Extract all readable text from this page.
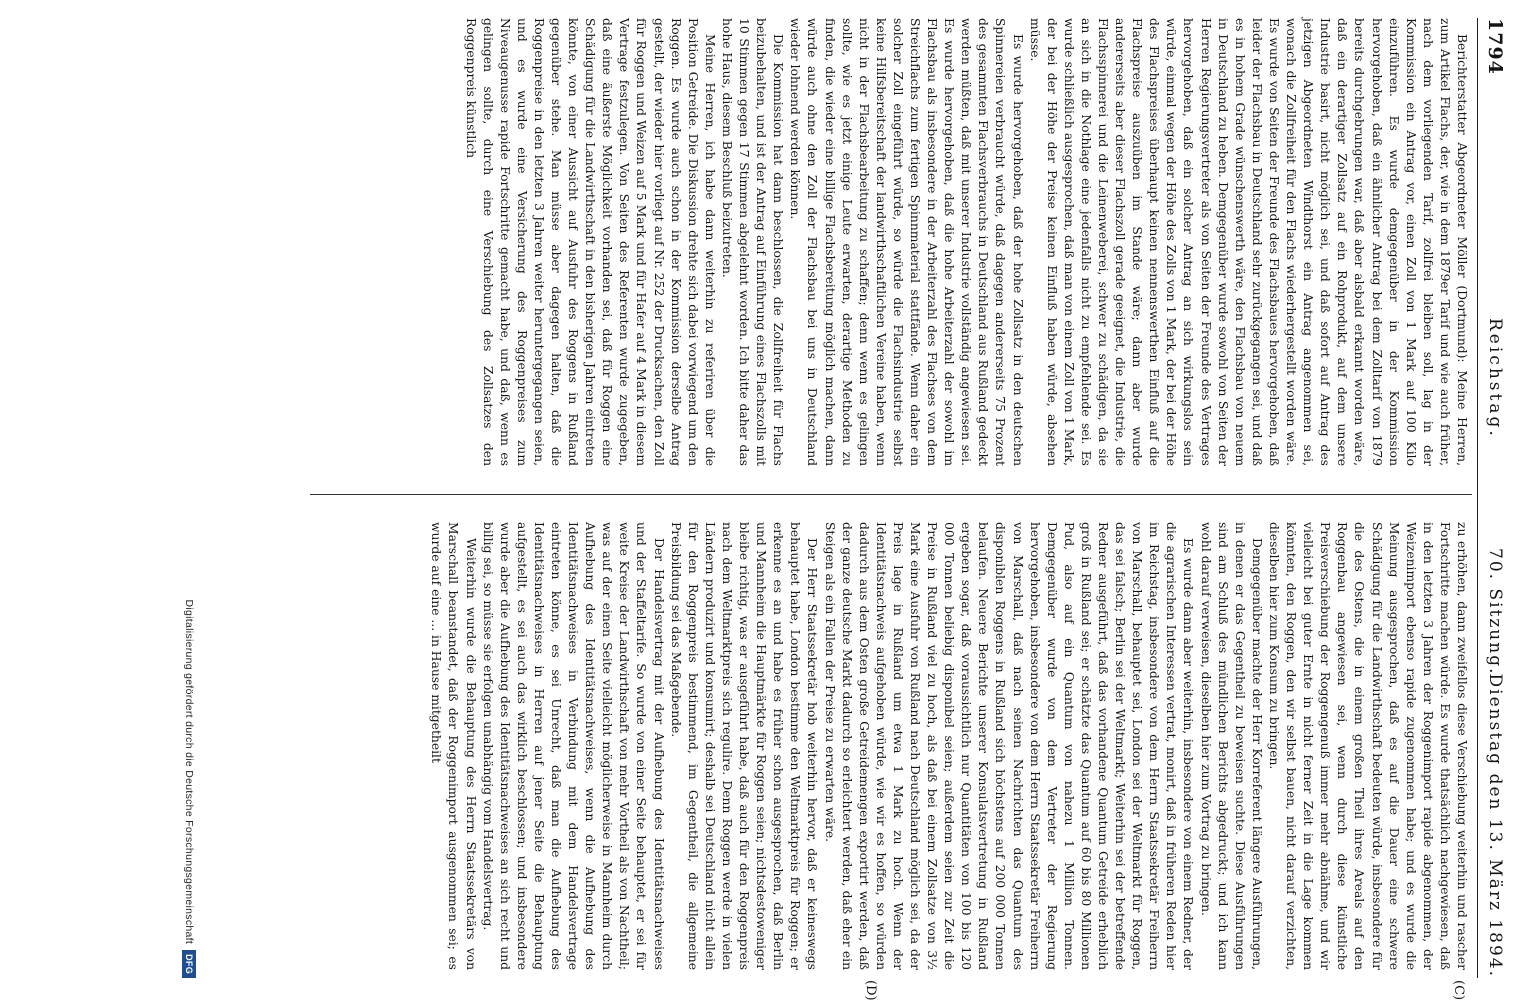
1794
Reichstag.
70. Sitzung.
Dienstag den 13. März 1894.
(C)
(D)

Berichterstatter Abgeordneter Möller (Dortmund): Meine Herren, zum Artikel Flachs, der, wie in dem 1879er Tarif und wie auch früher, nach dem vorliegenden Tarif, zollfrei bleiben soll, lag in der Kommission ein Antrag vor, einen Zoll von 1 Mark auf 100 Kilo einzuführen. Es wurde demgegenüber in der Kommission hervorgehoben, daß ein ähnlicher Antrag bei dem Zolltarif von 1879 bereits durchgebrungen war, daß aber alsbald erkannt worden wäre, daß ein derartiger Zollsatz auf ein Rohprodukt, auf dem unsere Industrie basirt, nicht möglich sei, und daß sofort auf Antrag des jetzigen Abgeordneten Windthorst ein Antrag angenommen sei, wonach die Zollfreiheit für den Flachs wiederhergestellt worden wäre. Es wurde von Seiten der Freunde des Flachsbaues hervorgehoben, daß leider der Flachsbau in Deutschland sehr zurückgegangen sei, und daß es in hohem Grade wünschenswerth wäre, den Flachsbau von neuem in Deutschland zu heben. Demgegenüber wurde sowohl von Seiten der Herren Regierungsvertreter als von Seiten der Freunde des Vertrages hervorgehoben, daß ein solcher Antrag an sich wirkungslos sein würde, einmal wegen der Höhe des Zolls von 1 Mark, der bei der Höhe des Flachspreises überhaupt keinen nennenswerthen Einfluß auf die Flachspreise auszuüben im Stande wäre; dann aber wurde andererseits aber dieser Flachszoll gerade geeignet, die Industrie, die Flachsspinnerei und die Leinenweberei, schwer zu schädigen, da sie an sich in die Nothlage eine jedenfalls nicht zu empfehlende sei. Es wurde schließlich ausgesprochen, daß man von einem Zoll von 1 Mark, der bei der Höhe der Preise keinen Einfluß haben würde, absehen müsse.

Es wurde hervorgehoben, daß der hohe Zollsatz in den deutschen Spinnereien verbraucht würde, daß dagegen andererseits 75 Prozent des gesammten Flachsverbrauchs in Deutschland aus Rußland gedeckt werden müßten, daß mit unserer Industrie vollständig angewiesen sei. Es wurde hervorgehoben, daß die hohe Arbeiterzahl der sowohl im Flachsbau als insbesondere in der Arbeiterzahl des Flachses von dem Streichflachs zum fertigen Spinnmaterial stattfände. Wenn daher ein solcher Zoll eingeführt würde, so würde die Flachsindustrie selbst keine Hilfsbereitschaft der landwirthschaftlichen Vereine haben, wenn nicht in der Flachsbearbeitung zu schaffen; denn wenn es gelingen sollte, wie es jetzt einige Leute erwarten, derartige Methoden zu finden, die wieder eine billige Flachsbereitung möglich machen, dann würde auch ohne den Zoll der Flachsbau bei uns in Deutschland wieder lohnend werden können.

Die Kommission hat dann beschlossen, die Zollfreiheit für Flachs beizubehalten, und ist der Antrag auf Einführung eines Flachszolls mit 10 Stimmen gegen 17 Stimmen abgelehnt worden. Ich bitte daher das hohe Haus, diesem Beschluß beizutreten.

Meine Herren, ich habe dann weiterhin zu referiren über die Position Getreide. Die Diskussion drehte sich dabei vorwiegend um den Roggen. Es wurde auch schon in der Kommission derselbe Antrag gestellt, der wieder hier vorliegt auf Nr. 252 der Drucksachen, den Zoll für Roggen und Weizen auf 5 Mark und für Hafer auf 4 Mark in diesem Vertrage festzulegen. Von Seiten des Referenten wurde zugegeben, daß eine äußerste Möglichkeit vorhanden sei, daß für Roggen eine Schädigung für die Landwirthschaft in den bisherigen Jahren eintreten könnte, von einer Aussicht auf Ausfuhr des Roggens in Rußland gegenüber stehe. Man müsse aber dagegen halten, daß die Roggenpreise in den letzten 3 Jahren weiter heruntergegangen seien, und es wurde eine Versicherung des Roggenpreises zum Niveaugenusse rapide Fortschritte gemacht habe, und daß, wenn es gelingen sollte, durch eine Verschiebung des Zollsatzes den Roggenpreis künstlich

zu erhöhen, dann zweifellos diese Verschiebung weiterhin und rascher Fortschritte machen würde. Es wurde thatsächlich nachgewiesen, daß in den letzten 3 Jahren der Roggenimport rapide abgenommen, der Weizenimport ebenso rapide zugenommen habe; und es wurde die Meinung ausgesprochen, daß es auf die Dauer eine schwere Schädigung für die Landwirthschaft bedeuten würde, insbesondere für die des Ostens, die in einem großen Theil ihres Areals auf den Roggenbau angewiesen sei, wenn durch diese künstliche Preisverschiebung der Roggengenuß immer mehr abnähme, und wir vielleicht bei guter Ernte in nicht ferner Zeit in die Lage kommen könnten, den Roggen, den wir selbst bauen, nicht darauf verzichten, dieselben hier zum Konsum zu bringen.

Demgegenüber machte der Herr Korreferent längere Ausführungen, in denen er das Gegentheil zu beweisen suchte. Diese Ausführungen sind am Schluß des mündlichen Berichts abgedruckt; und ich kann wohl darauf verweisen, dieselben hier zum Vortrag zu bringen.

Es wurde dann aber weiterhin, insbesondere von einem Redner, der die agrarischen Interessen vertrat, monirt, daß in früheren Reden hier im Reichstag, insbesondere von dem Herrn Staatssekretär Freiherrn von Marschall, behauptet sei, London sei der Weltmarkt für Roggen, das sei falsch; Berlin sei der Weltmarkt; Weiterhin sei der betreffende Redner ausgeführt, daß das vorhandene Quantum Getreide erheblich groß in Rußland sei; er schätzte das Quantum auf 60 bis 80 Millionen Pud, also auf ein Quantum von nahezu 1 Million Tonnen. Demgegenüber wurde von dem Vertreter der Regierung hervorgehoben, insbesondere von dem Herrn Staatssekretär Freiherrn von Marschall, daß nach seinen Nachrichten das Quantum des disponiblen Roggens in Rußland sich höchstens auf 200 000 Tonnen belaufen. Neuere Berichte unserer Konsulatsvertretung in Rußland ergeben sogar, daß voraussichtlich nur Quantitäten von 100 bis 120 000 Tonnen beliebig disponibel seien; außerdem seien zur Zeit die Preise in Rußland viel zu hoch, als daß bei einem Zollsatze von 3½ Mark eine Ausfuhr von Rußland nach Deutschland möglich sei, da der Preis lage in Rußland um etwa 1 Mark zu hoch. Wenn der Identitätsnachweis aufgehoben würde, wie wir es hoffen, so würden dadurch aus dem Osten große Getreidemengen exportirt werden, daß der ganze deutsche Markt dadurch so erleichtert werden, daß eher ein Steigen als ein Fallen der Preise zu erwarten wäre.

Der Herr Staatssekretär hob weiterhin hervor, daß er keineswegs behauptet habe, London bestimme den Weltmarktpreis für Roggen; er erkenne es an und habe es früher schon ausgesprochen, daß Berlin und Mannheim die Hauptmärkte für Roggen seien; nichtsdestoweniger bleibe richtig, was er ausgeführt habe, daß auch für den Roggenpreis nach dem Weltmarktpreis sich regulire. Denn Roggen werde in vielen Ländern produzirt und konsumirt; deshalb sei Deutschland nicht allein für den Roggenpreis bestimmend, im Gegentheil, die allgemeine Preisbildung sei das Maßgebende.

Der Handelsvertrag mit der Aufhebung des Identitätsnachweises und der Staffeltarife. So wurde von einer Seite behauptet, er sei für weite Kreise der Landwirthschaft von mehr Vortheil als von Nachtheil; was auf der einen Seite vielleicht möglicherweise in Mannheim durch Aufhebung des Identitätsnachweises, wenn die Aufhebung des Identitätsnachweises in Verbindung mit dem Handelsvertrage eintreten könne, es sei Unrecht, daß man die Aufhebung des Identitätsnachweises in Herren auf jener Seite die Behauptung aufgestellt, es sei auch das wirklich beschlossen; und insbesondere wurde aber die Aufhebung des Identitätsnachweises an sich recht und billig sei, so müsse sie erfolgen unabhängig vom Handelsvertrag.

Weiterhin wurde die Behauptung des Herrn Staatssekretärs von Marschall beanstandet, daß der Roggenimport ausgenommen sei; es wurde auf eine ... in Hause mitgetheilt

Digitalisierung gefördert durch die Deutsche ForschungsgemeinschaftDFG
